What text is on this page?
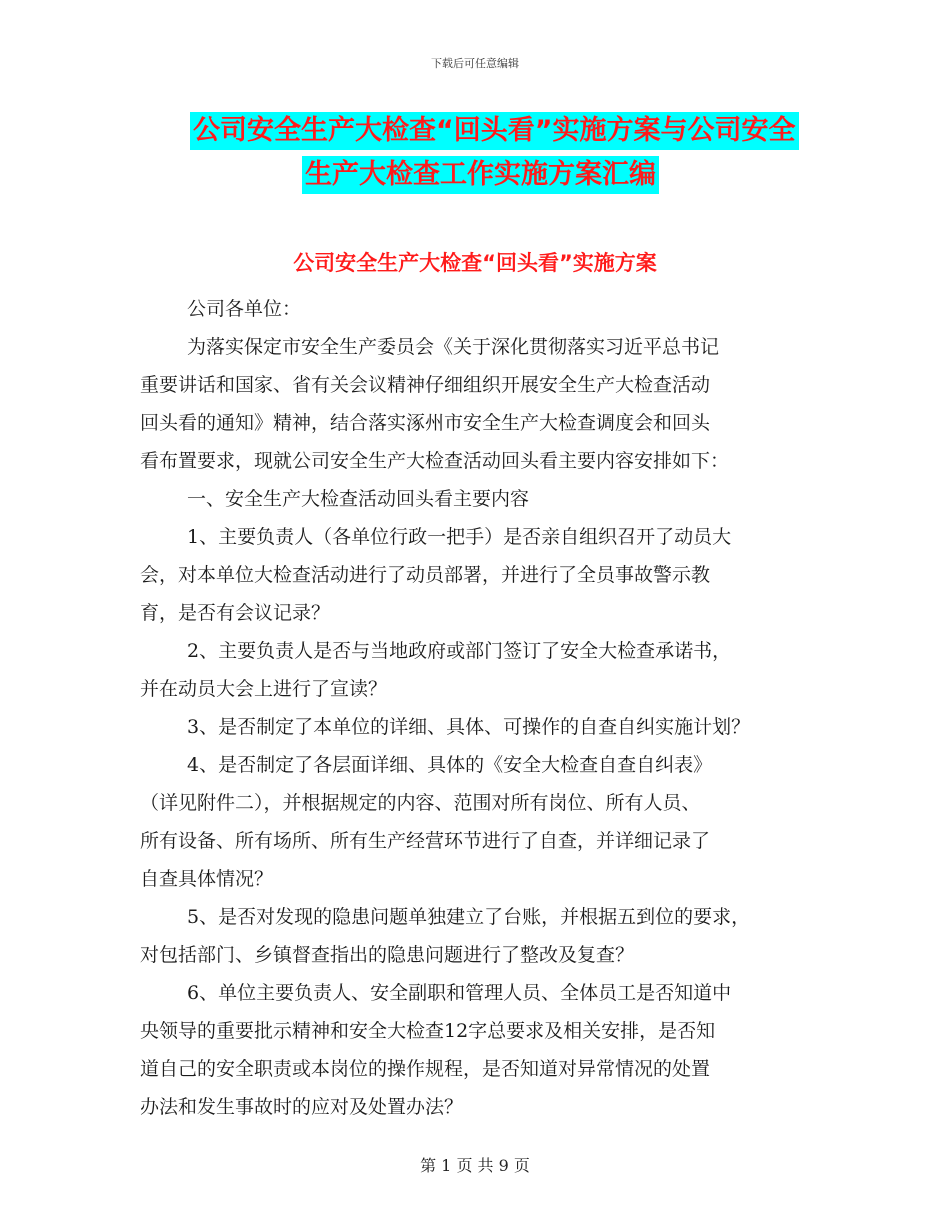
下载后可任意编辑
公司安全生产大检查“回头看”实施方案与公司安全
生产大检查工作实施方案汇编
公司安全生产大检查“回头看”实施方案
公司各单位：
为落实保定市安全生产委员会《关于深化贯彻落实习近平总书记
重要讲话和国家、省有关会议精神仔细组织开展安全生产大检查活动
回头看的通知》精神，结合落实涿州市安全生产大检查调度会和回头
看布置要求，现就公司安全生产大检查活动回头看主要内容安排如下：
一、安全生产大检查活动回头看主要内容
1、主要负责人（各单位行政一把手）是否亲自组织召开了动员大
会，对本单位大检查活动进行了动员部署，并进行了全员事故警示教
育，是否有会议记录？
2、主要负责人是否与当地政府或部门签订了安全大检查承诺书，
并在动员大会上进行了宣读？
3、是否制定了本单位的详细、具体、可操作的自查自纠实施计划？
4、是否制定了各层面详细、具体的《安全大检查自查自纠表》
（详见附件二），并根据规定的内容、范围对所有岗位、所有人员、
所有设备、所有场所、所有生产经营环节进行了自查，并详细记录了
自查具体情况？
5、是否对发现的隐患问题单独建立了台账，并根据五到位的要求，
对包括部门、乡镇督查指出的隐患问题进行了整改及复查？
6、单位主要负责人、安全副职和管理人员、全体员工是否知道中
央领导的重要批示精神和安全大检查12字总要求及相关安排，是否知
道自己的安全职责或本岗位的操作规程，是否知道对异常情况的处置
办法和发生事故时的应对及处置办法？
第 1 页 共 9 页
